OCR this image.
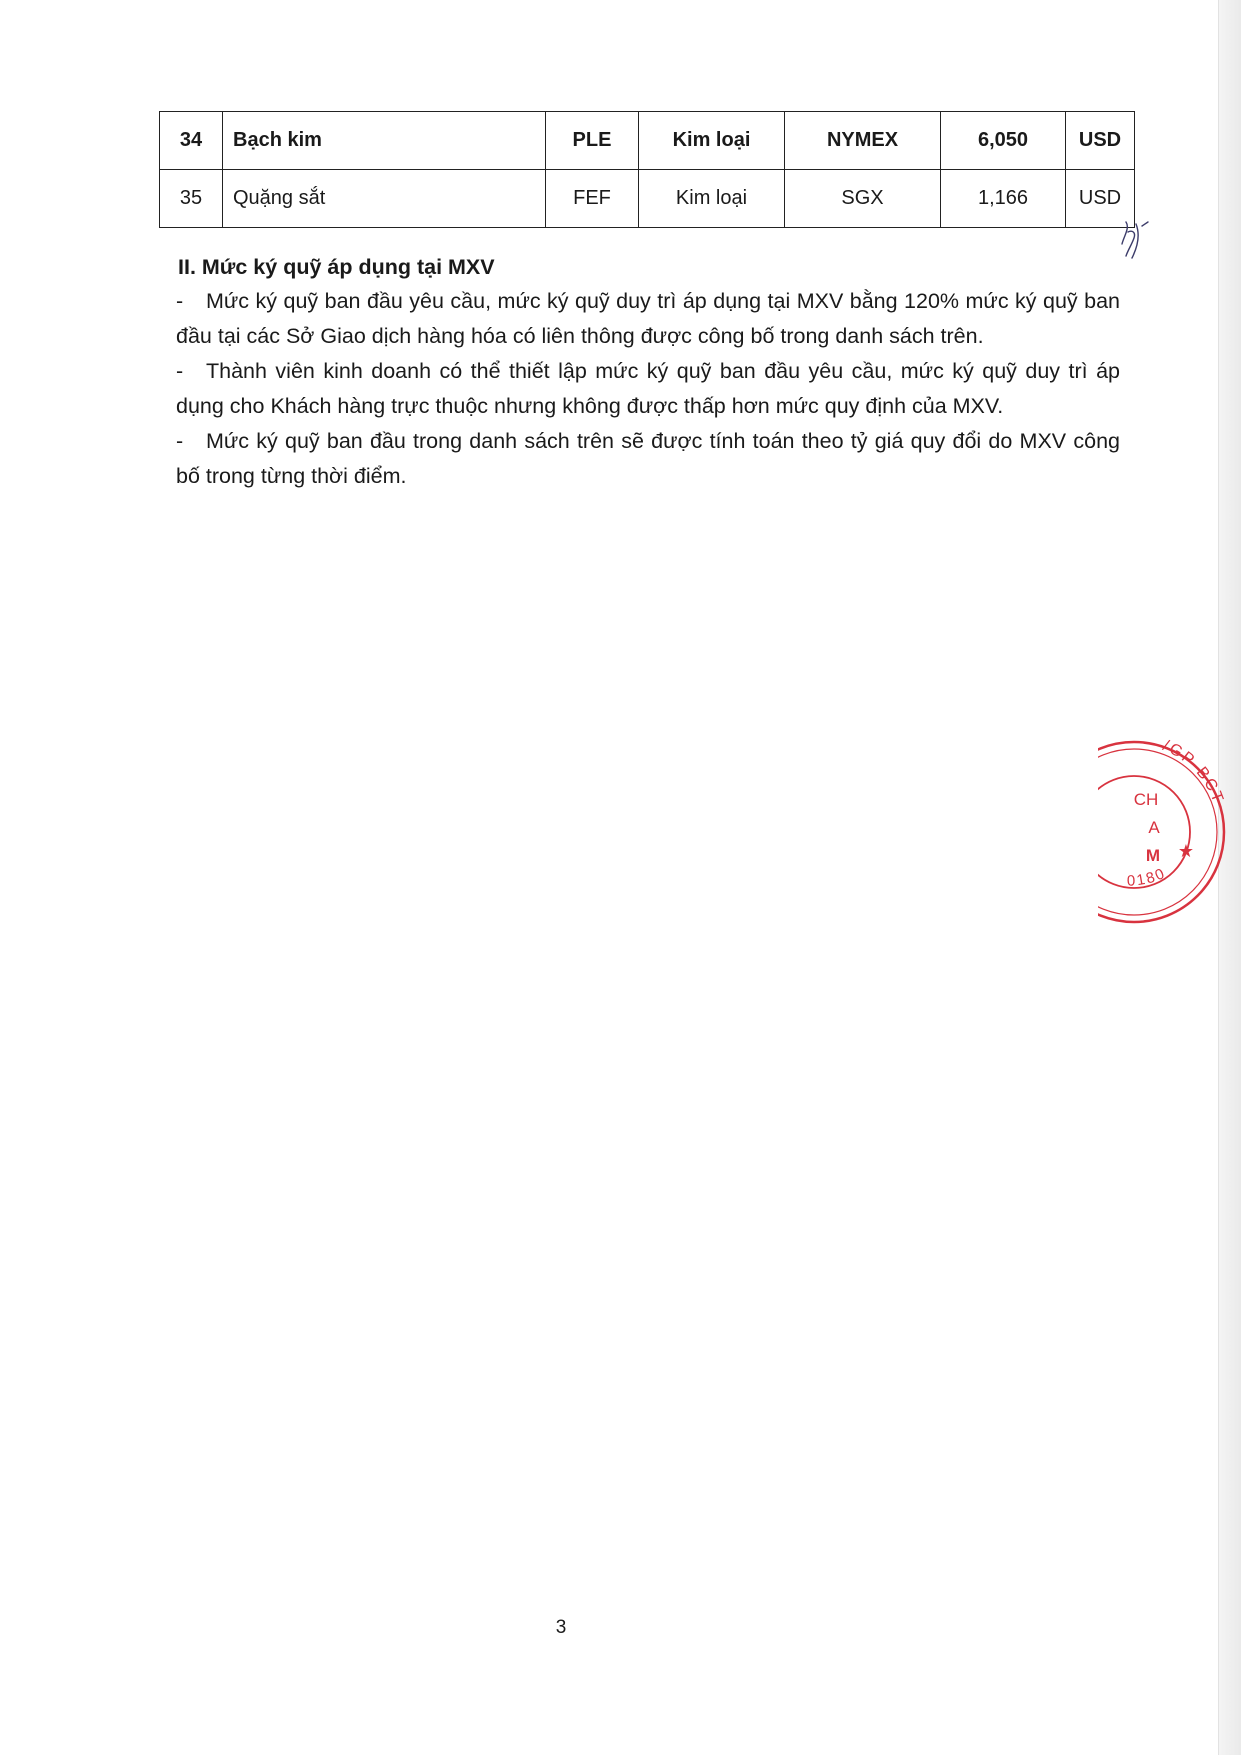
34	Bạch kim	PLE	Kim loại	NYMEX	6,050	USD
35	Quặng sắt	FEF	Kim loại	SGX	1,166	USD
II. Mức ký quỹ áp dụng tại MXV

- Mức ký quỹ ban đầu yêu cầu, mức ký quỹ duy trì áp dụng tại MXV bằng 120% mức ký quỹ ban đầu tại các Sở Giao dịch hàng hóa có liên thông được công bố trong danh sách trên.

- Thành viên kinh doanh có thể thiết lập mức ký quỹ ban đầu yêu cầu, mức ký quỹ duy trì áp dụng cho Khách hàng trực thuộc nhưng không được thấp hơn mức quy định của MXV.

- Mức ký quỹ ban đầu trong danh sách trên sẽ được tính toán theo tỷ giá quy đổi do MXV công bố trong từng thời điểm.

/GP-BCT
0180
CH
A
M ★
3
